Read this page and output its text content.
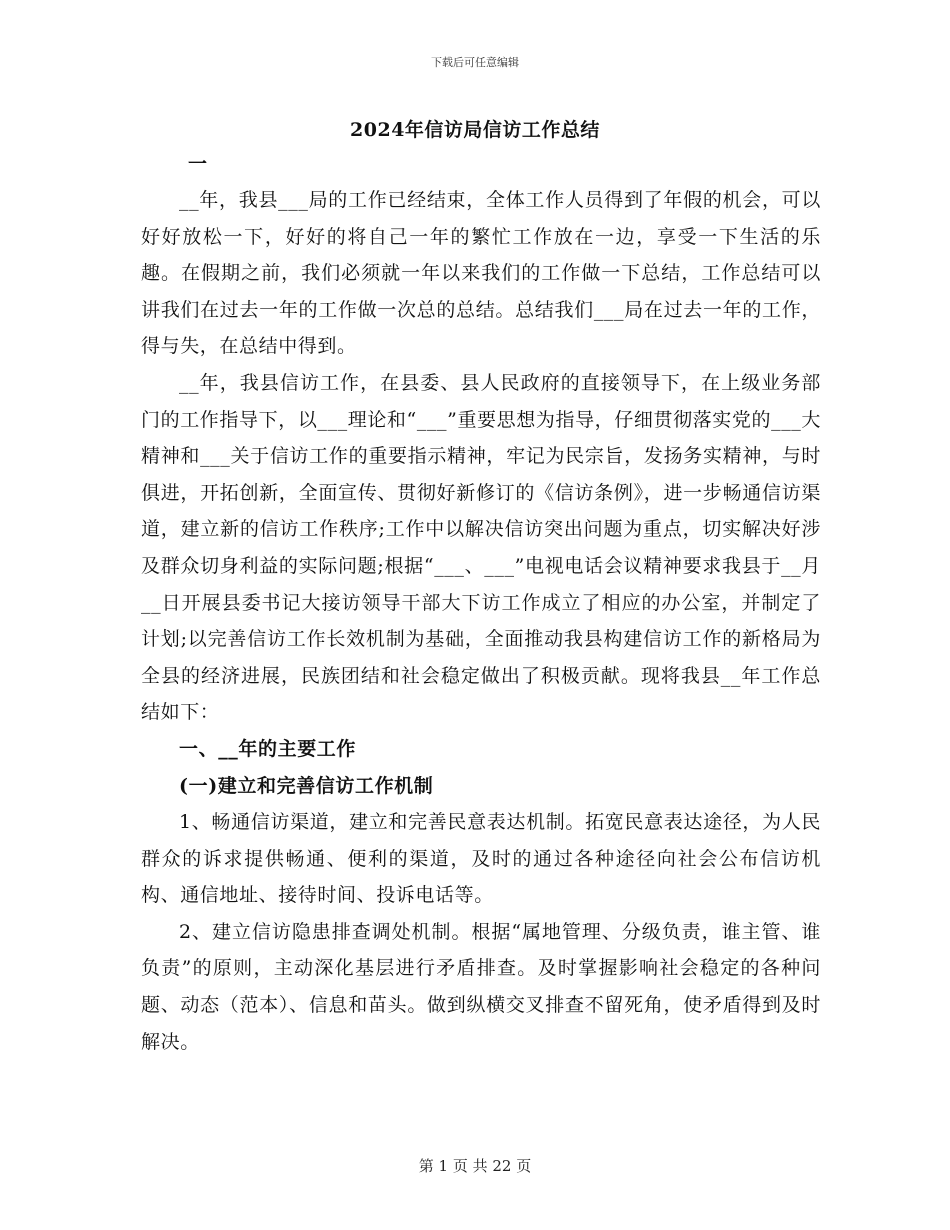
下载后可任意编辑
2024年信访局信访工作总结
一

__年，我县___局的工作已经结束，全体工作人员得到了年假的机会，可以好好放松一下，好好的将自己一年的繁忙工作放在一边，享受一下生活的乐趣。在假期之前，我们必须就一年以来我们的工作做一下总结，工作总结可以讲我们在过去一年的工作做一次总的总结。总结我们___局在过去一年的工作，得与失，在总结中得到。

__年，我县信访工作，在县委、县人民政府的直接领导下，在上级业务部门的工作指导下，以___理论和“___”重要思想为指导，仔细贯彻落实党的___大精神和___关于信访工作的重要指示精神，牢记为民宗旨，发扬务实精神，与时俱进，开拓创新，全面宣传、贯彻好新修订的《信访条例》，进一步畅通信访渠道，建立新的信访工作秩序;工作中以解决信访突出问题为重点，切实解决好涉及群众切身利益的实际问题;根据“___、___”电视电话会议精神要求我县于__月__日开展县委书记大接访领导干部大下访工作成立了相应的办公室，并制定了计划;以完善信访工作长效机制为基础，全面推动我县构建信访工作的新格局为全县的经济进展，民族团结和社会稳定做出了积极贡献。现将我县__年工作总结如下：

一、__年的主要工作

(一)建立和完善信访工作机制

1、畅通信访渠道，建立和完善民意表达机制。拓宽民意表达途径，为人民群众的诉求提供畅通、便利的渠道，及时的通过各种途径向社会公布信访机构、通信地址、接待时间、投诉电话等。

2、建立信访隐患排查调处机制。根据“属地管理、分级负责，谁主管、谁负责”的原则，主动深化基层进行矛盾排查。及时掌握影响社会稳定的各种问题、动态（范本）、信息和苗头。做到纵横交叉排查不留死角，使矛盾得到及时解决。

第 1 页 共 22 页
